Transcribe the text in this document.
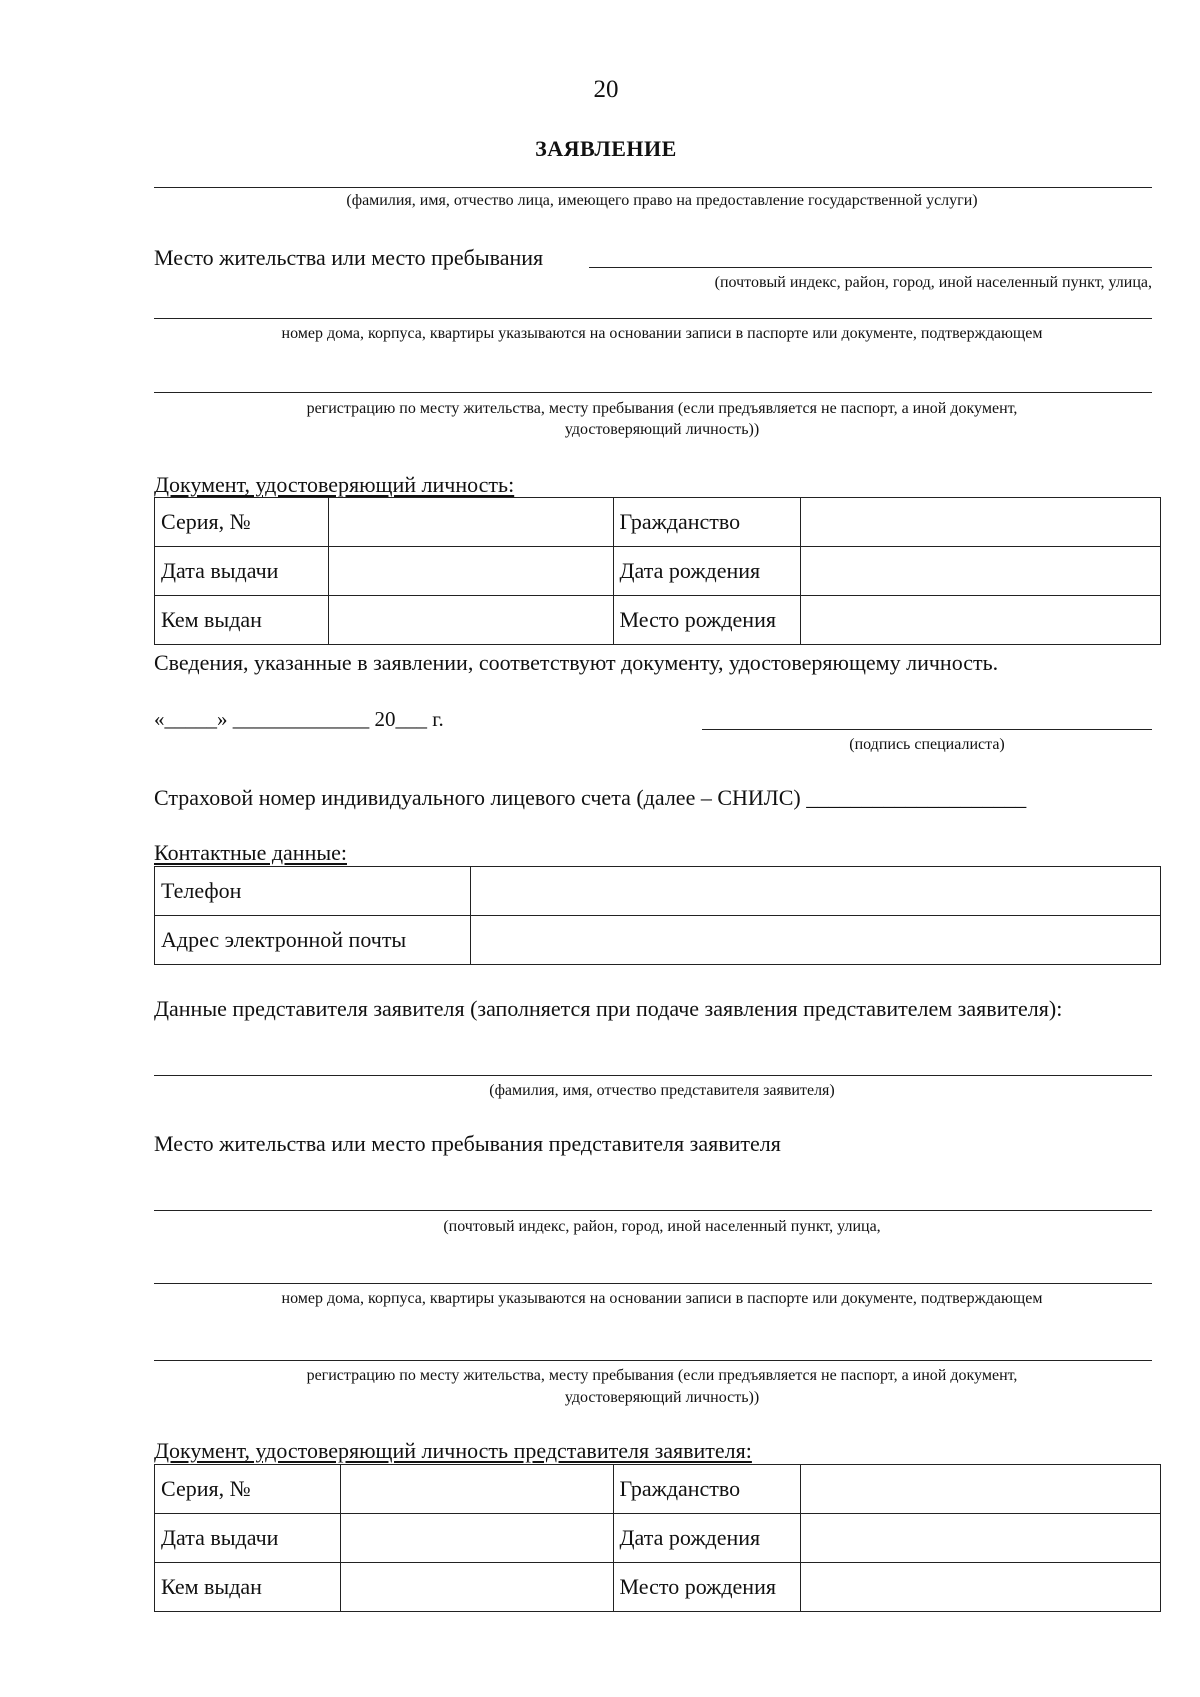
20
ЗАЯВЛЕНИЕ
(фамилия, имя, отчество лица, имеющего право на предоставление государственной услуги)
Место жительства или место пребывания
(почтовый индекс, район, город, иной населенный пункт, улица,
номер дома, корпуса, квартиры указываются на основании записи в паспорте или документе, подтверждающем
регистрацию по месту жительства, месту пребывания (если предъявляется не паспорт, а иной документ,
удостоверяющий личность))
Документ, удостоверяющий личность:
Серия, №		Гражданство	
Дата выдачи		Дата рождения	
Кем выдан		Место рождения	
Сведения, указанные в заявлении, соответствуют документу, удостоверяющему личность.
«_____» _____________ 20___ г.
(подпись специалиста)
Страховой номер индивидуального лицевого счета (далее – СНИЛС) ____________________
Контактные данные:
Телефон	
Адрес электронной почты	
Данные представителя заявителя (заполняется при подаче заявления представителем заявителя):
(фамилия, имя, отчество представителя заявителя)
Место жительства или место пребывания представителя заявителя
(почтовый индекс, район, город, иной населенный пункт, улица,
номер дома, корпуса, квартиры указываются на основании записи в паспорте или документе, подтверждающем
регистрацию по месту жительства, месту пребывания (если предъявляется не паспорт, а иной документ,
удостоверяющий личность))
Документ, удостоверяющий личность представителя заявителя:
Серия, №		Гражданство	
Дата выдачи		Дата рождения	
Кем выдан		Место рождения	
